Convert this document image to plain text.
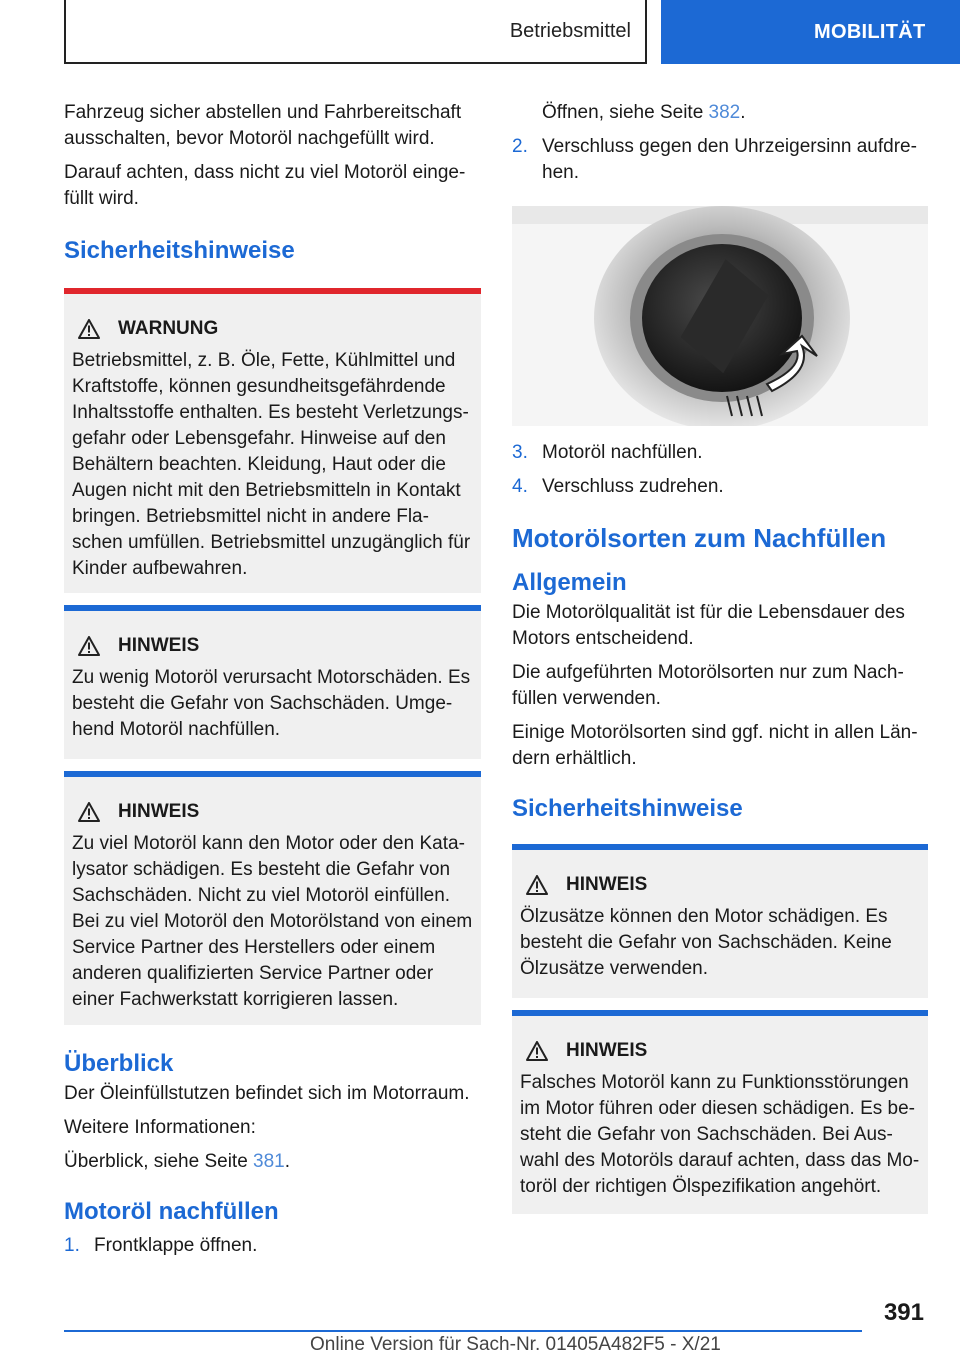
Betriebsmittel	MOBILITÄT

Fahrzeug sicher abstellen und Fahrbereitschaft ausschalten, bevor Motoröl nachgefüllt wird.

Darauf achten, dass nicht zu viel Motoröl eingefüllt wird.

Sicherheitshinweise
WARNUNG

Betriebsmittel, z. B. Öle, Fette, Kühlmittel und Kraftstoffe, können gesundheitsgefährdende Inhaltsstoffe enthalten. Es besteht Verletzungsgefahr oder Lebensgefahr. Hinweise auf den Behältern beachten. Kleidung, Haut oder die Augen nicht mit den Betriebsmitteln in Kontakt bringen. Betriebsmittel nicht in andere Flaschen umfüllen. Betriebsmittel unzugänglich für Kinder aufbewahren.

HINWEIS

Zu wenig Motoröl verursacht Motorschäden. Es besteht die Gefahr von Sachschäden. Umgehend Motoröl nachfüllen.

HINWEIS

Zu viel Motoröl kann den Motor oder den Katalysator schädigen. Es besteht die Gefahr von Sachschäden. Nicht zu viel Motoröl einfüllen. Bei zu viel Motoröl den Motorölstand von einem Service Partner des Herstellers oder einem anderen qualifizierten Service Partner oder einer Fachwerkstatt korrigieren lassen.

Überblick

Der Öleinfüllstutzen befindet sich im Motorraum.

Weitere Informationen:

Überblick, siehe Seite 381.

Motoröl nachfüllen
1. Frontklappe öffnen.

Öffnen, siehe Seite 382.

2. Verschluss gegen den Uhrzeigersinn aufdrehen.
3. Motoröl nachfüllen.
4. Verschluss zudrehen.
Motorölsorten zum Nachfüllen
Allgemein

Die Motorölqualität ist für die Lebensdauer des Motors entscheidend.

Die aufgeführten Motorölsorten nur zum Nachfüllen verwenden.

Einige Motorölsorten sind ggf. nicht in allen Ländern erhältlich.

Sicherheitshinweise
HINWEIS

Ölzusätze können den Motor schädigen. Es besteht die Gefahr von Sachschäden. Keine Ölzusätze verwenden.

HINWEIS

Falsches Motoröl kann zu Funktionsstörungen im Motor führen oder diesen schädigen. Es besteht die Gefahr von Sachschäden. Bei Auswahl des Motoröls darauf achten, dass das Motoröl der richtigen Ölspezifikation angehört.

391
Online Version für Sach-Nr. 01405A482F5 - X/21
